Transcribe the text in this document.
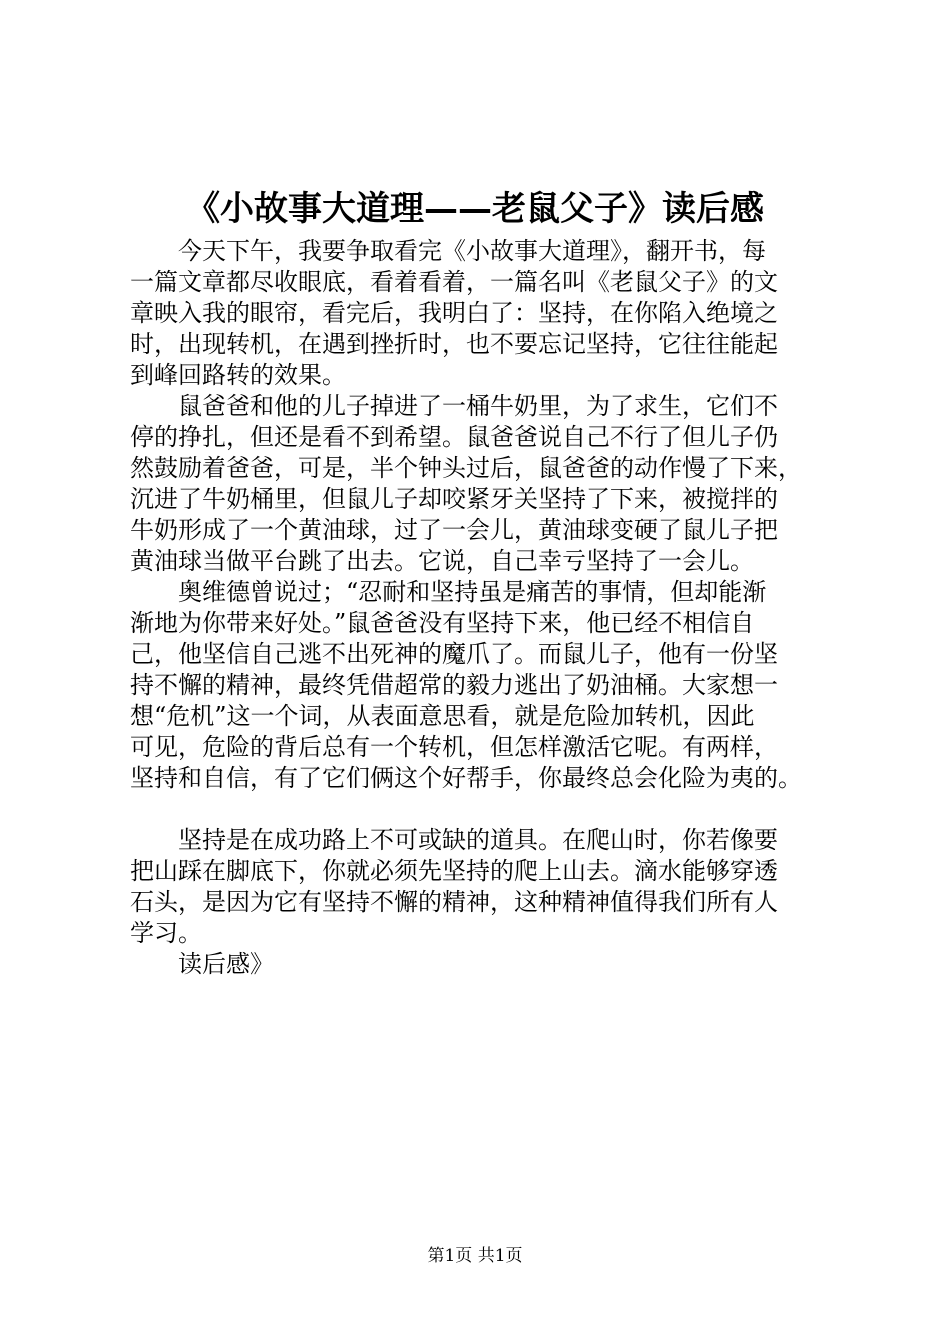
《小故事大道理——老鼠父子》读后感
　　今天下午，我要争取看完《小故事大道理》，翻开书，每
一篇文章都尽收眼底，看着看着，一篇名叫《老鼠父子》的文
章映入我的眼帘，看完后，我明白了：坚持，在你陷入绝境之
时，出现转机，在遇到挫折时，也不要忘记坚持，它往往能起
到峰回路转的效果。
　　鼠爸爸和他的儿子掉进了一桶牛奶里，为了求生，它们不
停的挣扎，但还是看不到希望。鼠爸爸说自己不行了但儿子仍
然鼓励着爸爸，可是，半个钟头过后，鼠爸爸的动作慢了下来，
沉进了牛奶桶里，但鼠儿子却咬紧牙关坚持了下来，被搅拌的
牛奶形成了一个黄油球，过了一会儿，黄油球变硬了鼠儿子把
黄油球当做平台跳了出去。它说，自己幸亏坚持了一会儿。
　　奥维德曾说过；“忍耐和坚持虽是痛苦的事情，但却能渐
渐地为你带来好处。”鼠爸爸没有坚持下来，他已经不相信自
己，他坚信自己逃不出死神的魔爪了。而鼠儿子，他有一份坚
持不懈的精神，最终凭借超常的毅力逃出了奶油桶。大家想一
想“危机”这一个词，从表面意思看，就是危险加转机，因此
可见，危险的背后总有一个转机，但怎样激活它呢。有两样，
坚持和自信，有了它们俩这个好帮手，你最终总会化险为夷的。

　　坚持是在成功路上不可或缺的道具。在爬山时，你若像要
把山踩在脚底下，你就必须先坚持的爬上山去。滴水能够穿透
石头，是因为它有坚持不懈的精神，这种精神值得我们所有人
学习。
　　读后感》
第1页 共1页
